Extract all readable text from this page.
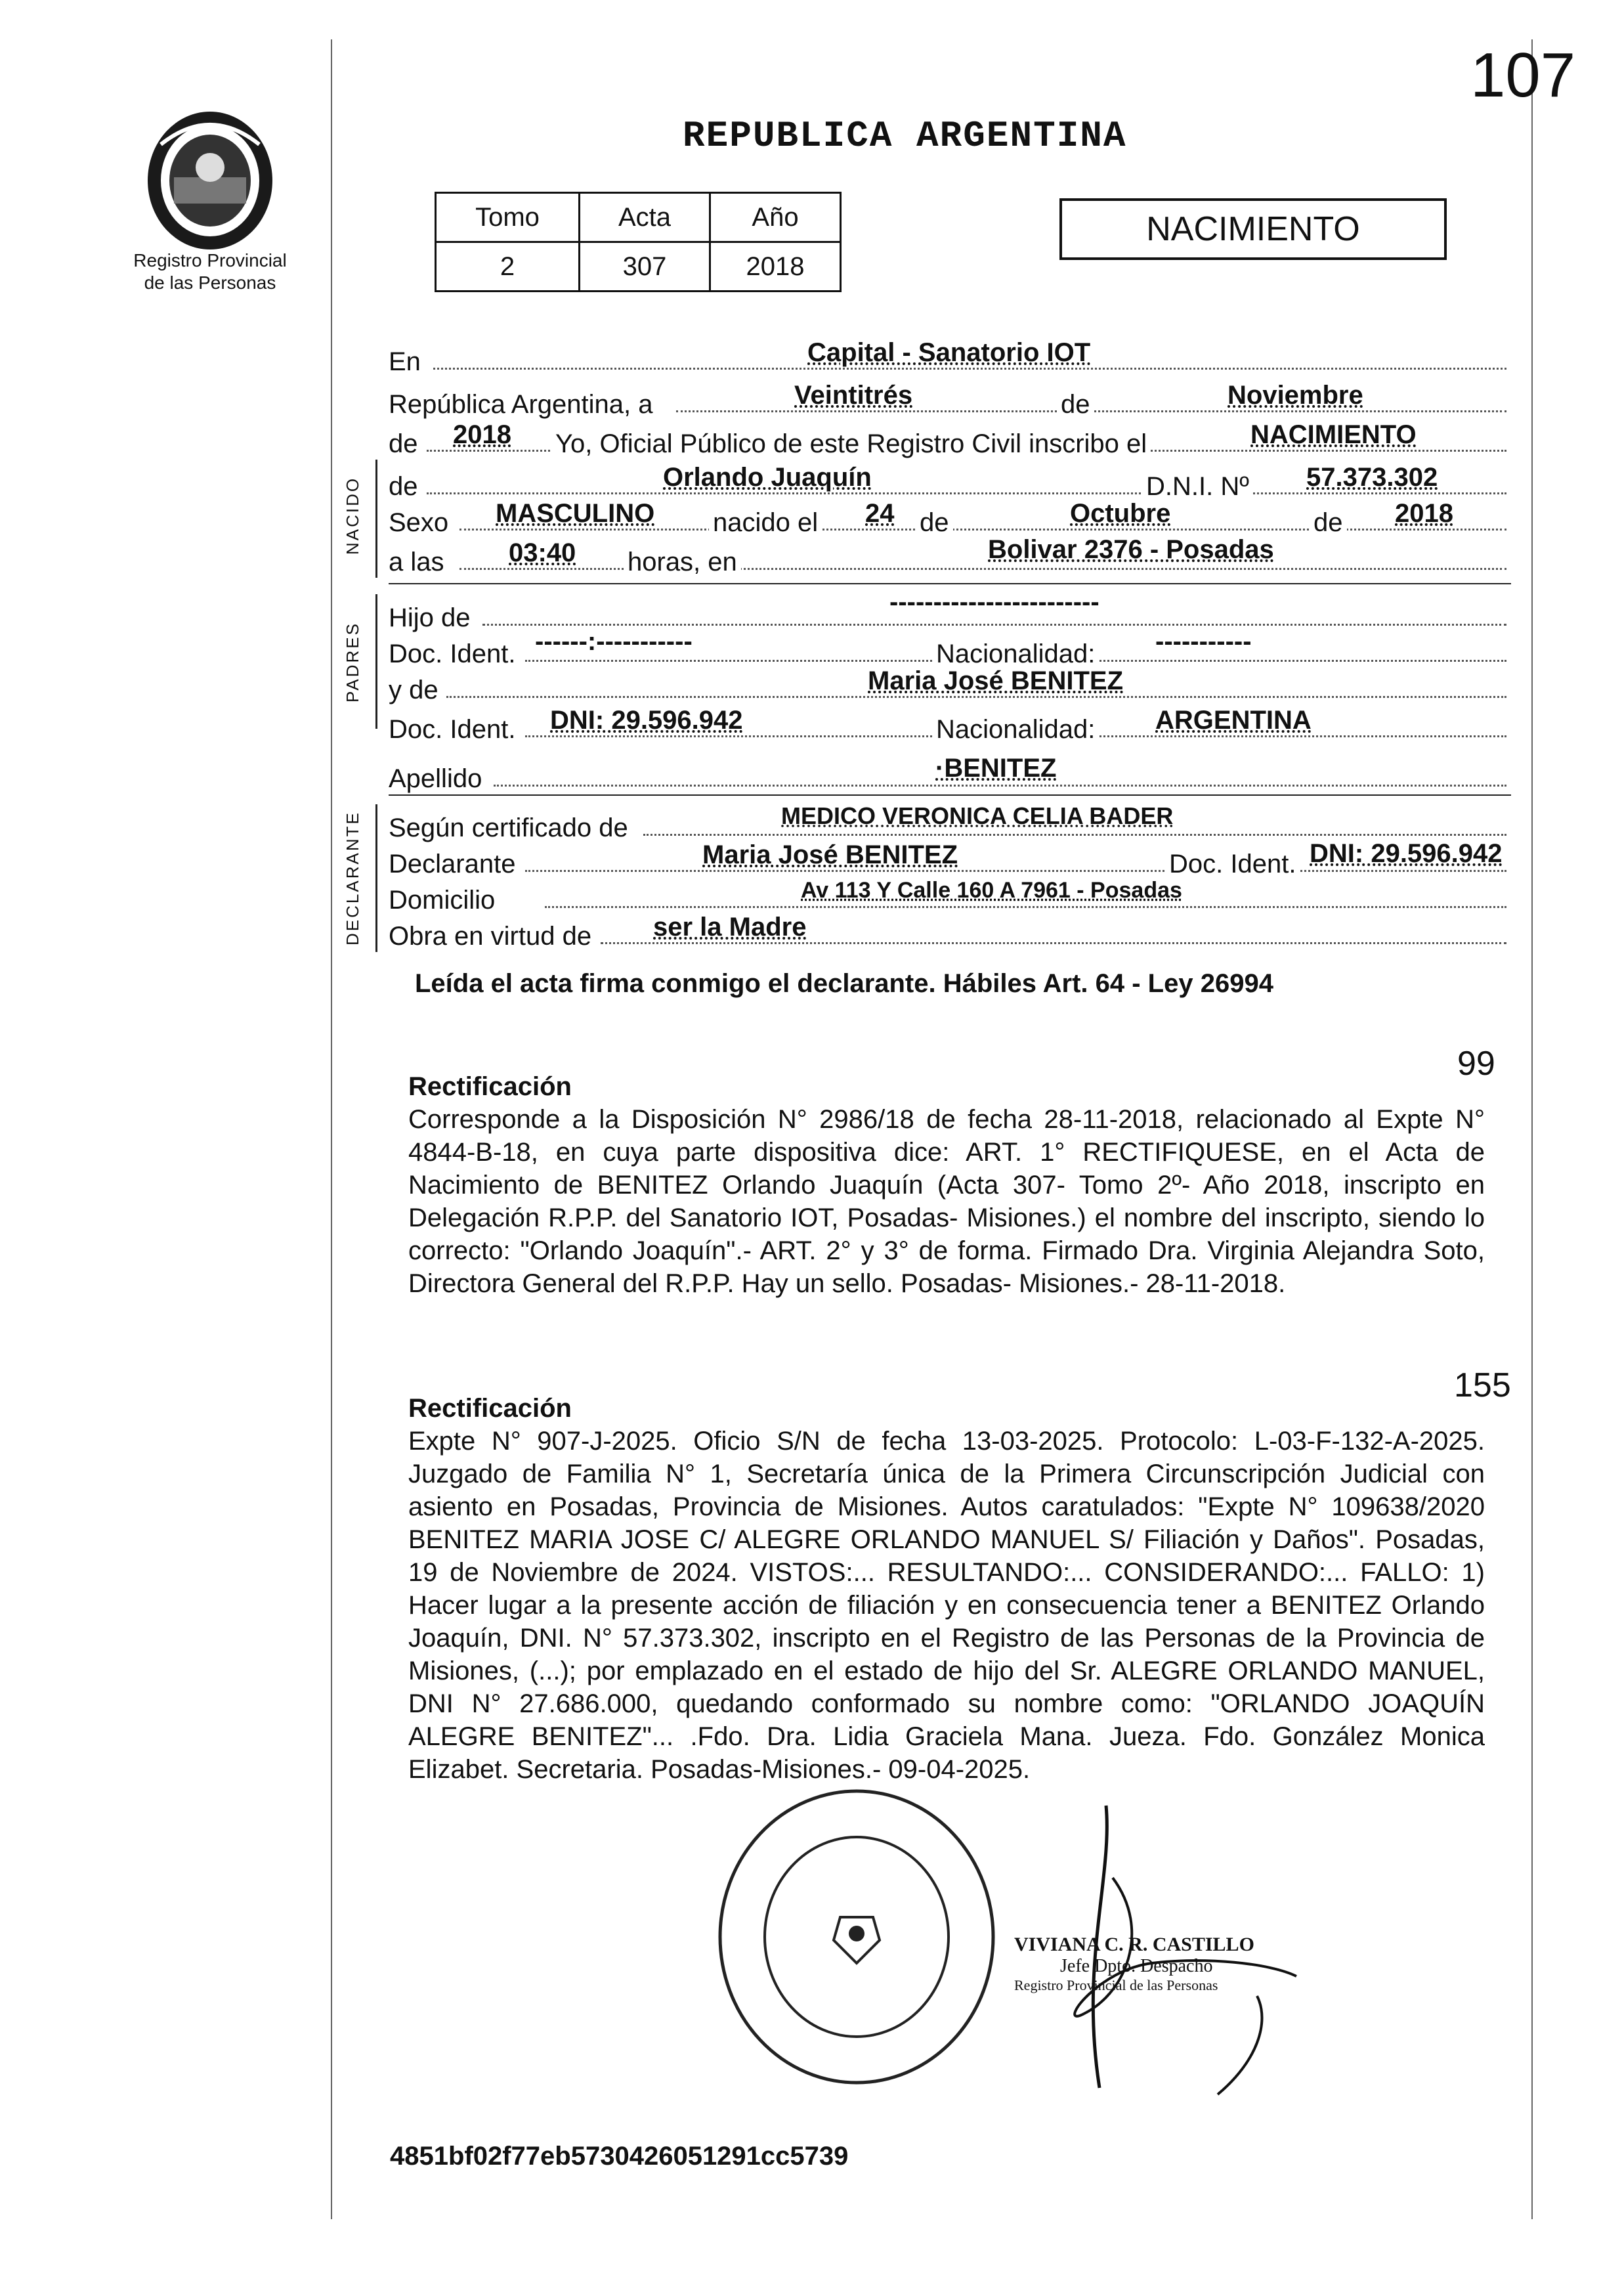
107
Registro Provincial
de las Personas
REPUBLICA ARGENTINA
Tomo	Acta	Año
2	307	2018
NACIMIENTO
En	Capital - Sanatorio IOT
República Argentina, a	Veintitrés	de	Noviembre
de 2018 Yo, Oficial Público de este Registro Civil inscribo el	NACIMIENTO
NACIDO de	Orlando Juaquín	D.N.I. Nº 57.373.302
Sexo MASCULINO nacido el 24 de	Octubre	de 2018
a las 03:40 horas, en	Bolivar 2376 - Posadas
PADRES
Hijo de
------------------------
Doc. Ident. ------:-----------	Nacionalidad: -----------
y de	Maria José BENITEZ
Doc. Ident. DNI: 29.596.942	Nacionalidad: ARGENTINA
Apellido	·BENITEZ
DECLARANTE Según certificado de	MEDICO VERONICA CELIA BADER
Declarante	Maria José BENITEZ	Doc. Ident. DNI: 29.596.942
Domicilio	Av 113 Y Calle 160 A 7961 - Posadas
Obra en virtud de ser la Madre
Leída el acta firma conmigo el declarante. Hábiles Art. 64 - Ley 26994
99
Rectificación
Corresponde a la Disposición N° 2986/18 de fecha 28-11-2018, relacionado al Expte N° 4844-B-18, en cuya parte dispositiva dice: ART. 1° RECTIFIQUESE, en el Acta de Nacimiento de BENITEZ Orlando Juaquín (Acta 307- Tomo 2º- Año 2018, inscripto en Delegación R.P.P. del Sanatorio IOT, Posadas- Misiones.) el nombre del inscripto, siendo lo correcto: "Orlando Joaquín".- ART. 2° y 3° de forma. Firmado Dra. Virginia Alejandra Soto, Directora General del R.P.P. Hay un sello. Posadas- Misiones.- 28-11-2018.
155
Rectificación
Expte N° 907-J-2025. Oficio S/N de fecha 13-03-2025. Protocolo: L-03-F-132-A-2025. Juzgado de Familia N° 1, Secretaría única de la Primera Circunscripción Judicial con asiento en Posadas, Provincia de Misiones. Autos caratulados: "Expte N° 109638/2020 BENITEZ MARIA JOSE C/ ALEGRE ORLANDO MANUEL S/ Filiación y Daños". Posadas, 19 de Noviembre de 2024. VISTOS:... RESULTANDO:... CONSIDERANDO:... FALLO: 1) Hacer lugar a la presente acción de filiación y en consecuencia tener a BENITEZ Orlando Joaquín, DNI. N° 57.373.302, inscripto en el Registro de las Personas de la Provincia de Misiones, (...); por emplazado en el estado de hijo del Sr. ALEGRE ORLANDO MANUEL, DNI N° 27.686.000, quedando conformado su nombre como: "ORLANDO JOAQUÍN ALEGRE BENITEZ"... .Fdo. Dra. Lidia Graciela Mana. Jueza. Fdo. González Monica Elizabet. Secretaria. Posadas-Misiones.- 09-04-2025.
VIVIANA C. R. CASTILLO
Jefe Dpto. Despacho
Registro Provincial de las Personas
4851bf02f77eb5730426051291cc5739
